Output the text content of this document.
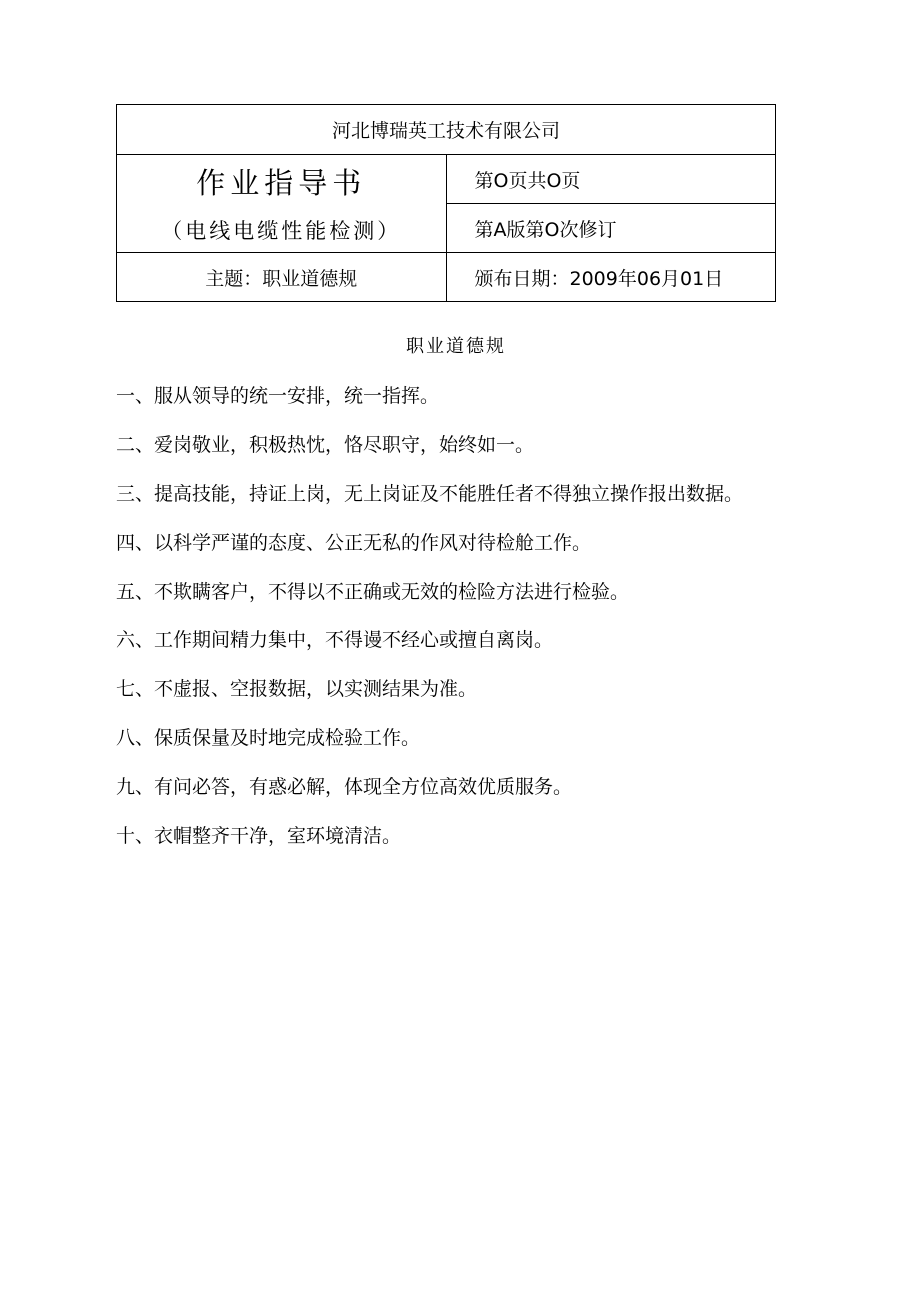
河北博瑞英工技术有限公司	

作业指导书
（电线电缆性能检测）	第O页共O页
	第A版第O次修订
主题：职业道德规	颁布日期：2009年06月01日
职业道德规
一、服从领导的统一安排，统一指挥。
二、爱岗敬业，积极热忱，恪尽职守，始终如一。
三、提高技能，持证上岗，无上岗证及不能胜任者不得独立操作报出数据。
四、以科学严谨的态度、公正无私的作风对待检舱工作。
五、不欺瞒客户，不得以不正确或无效的检险方法进行检验。
六、工作期间精力集中，不得谩不经心或擅自离岗。
七、不虚报、空报数据，以实测结果为准。
八、保质保量及时地完成检验工作。
九、有问必答，有惑必解，体现全方位高效优质服务。
十、衣帽整齐干净，室环境清洁。
